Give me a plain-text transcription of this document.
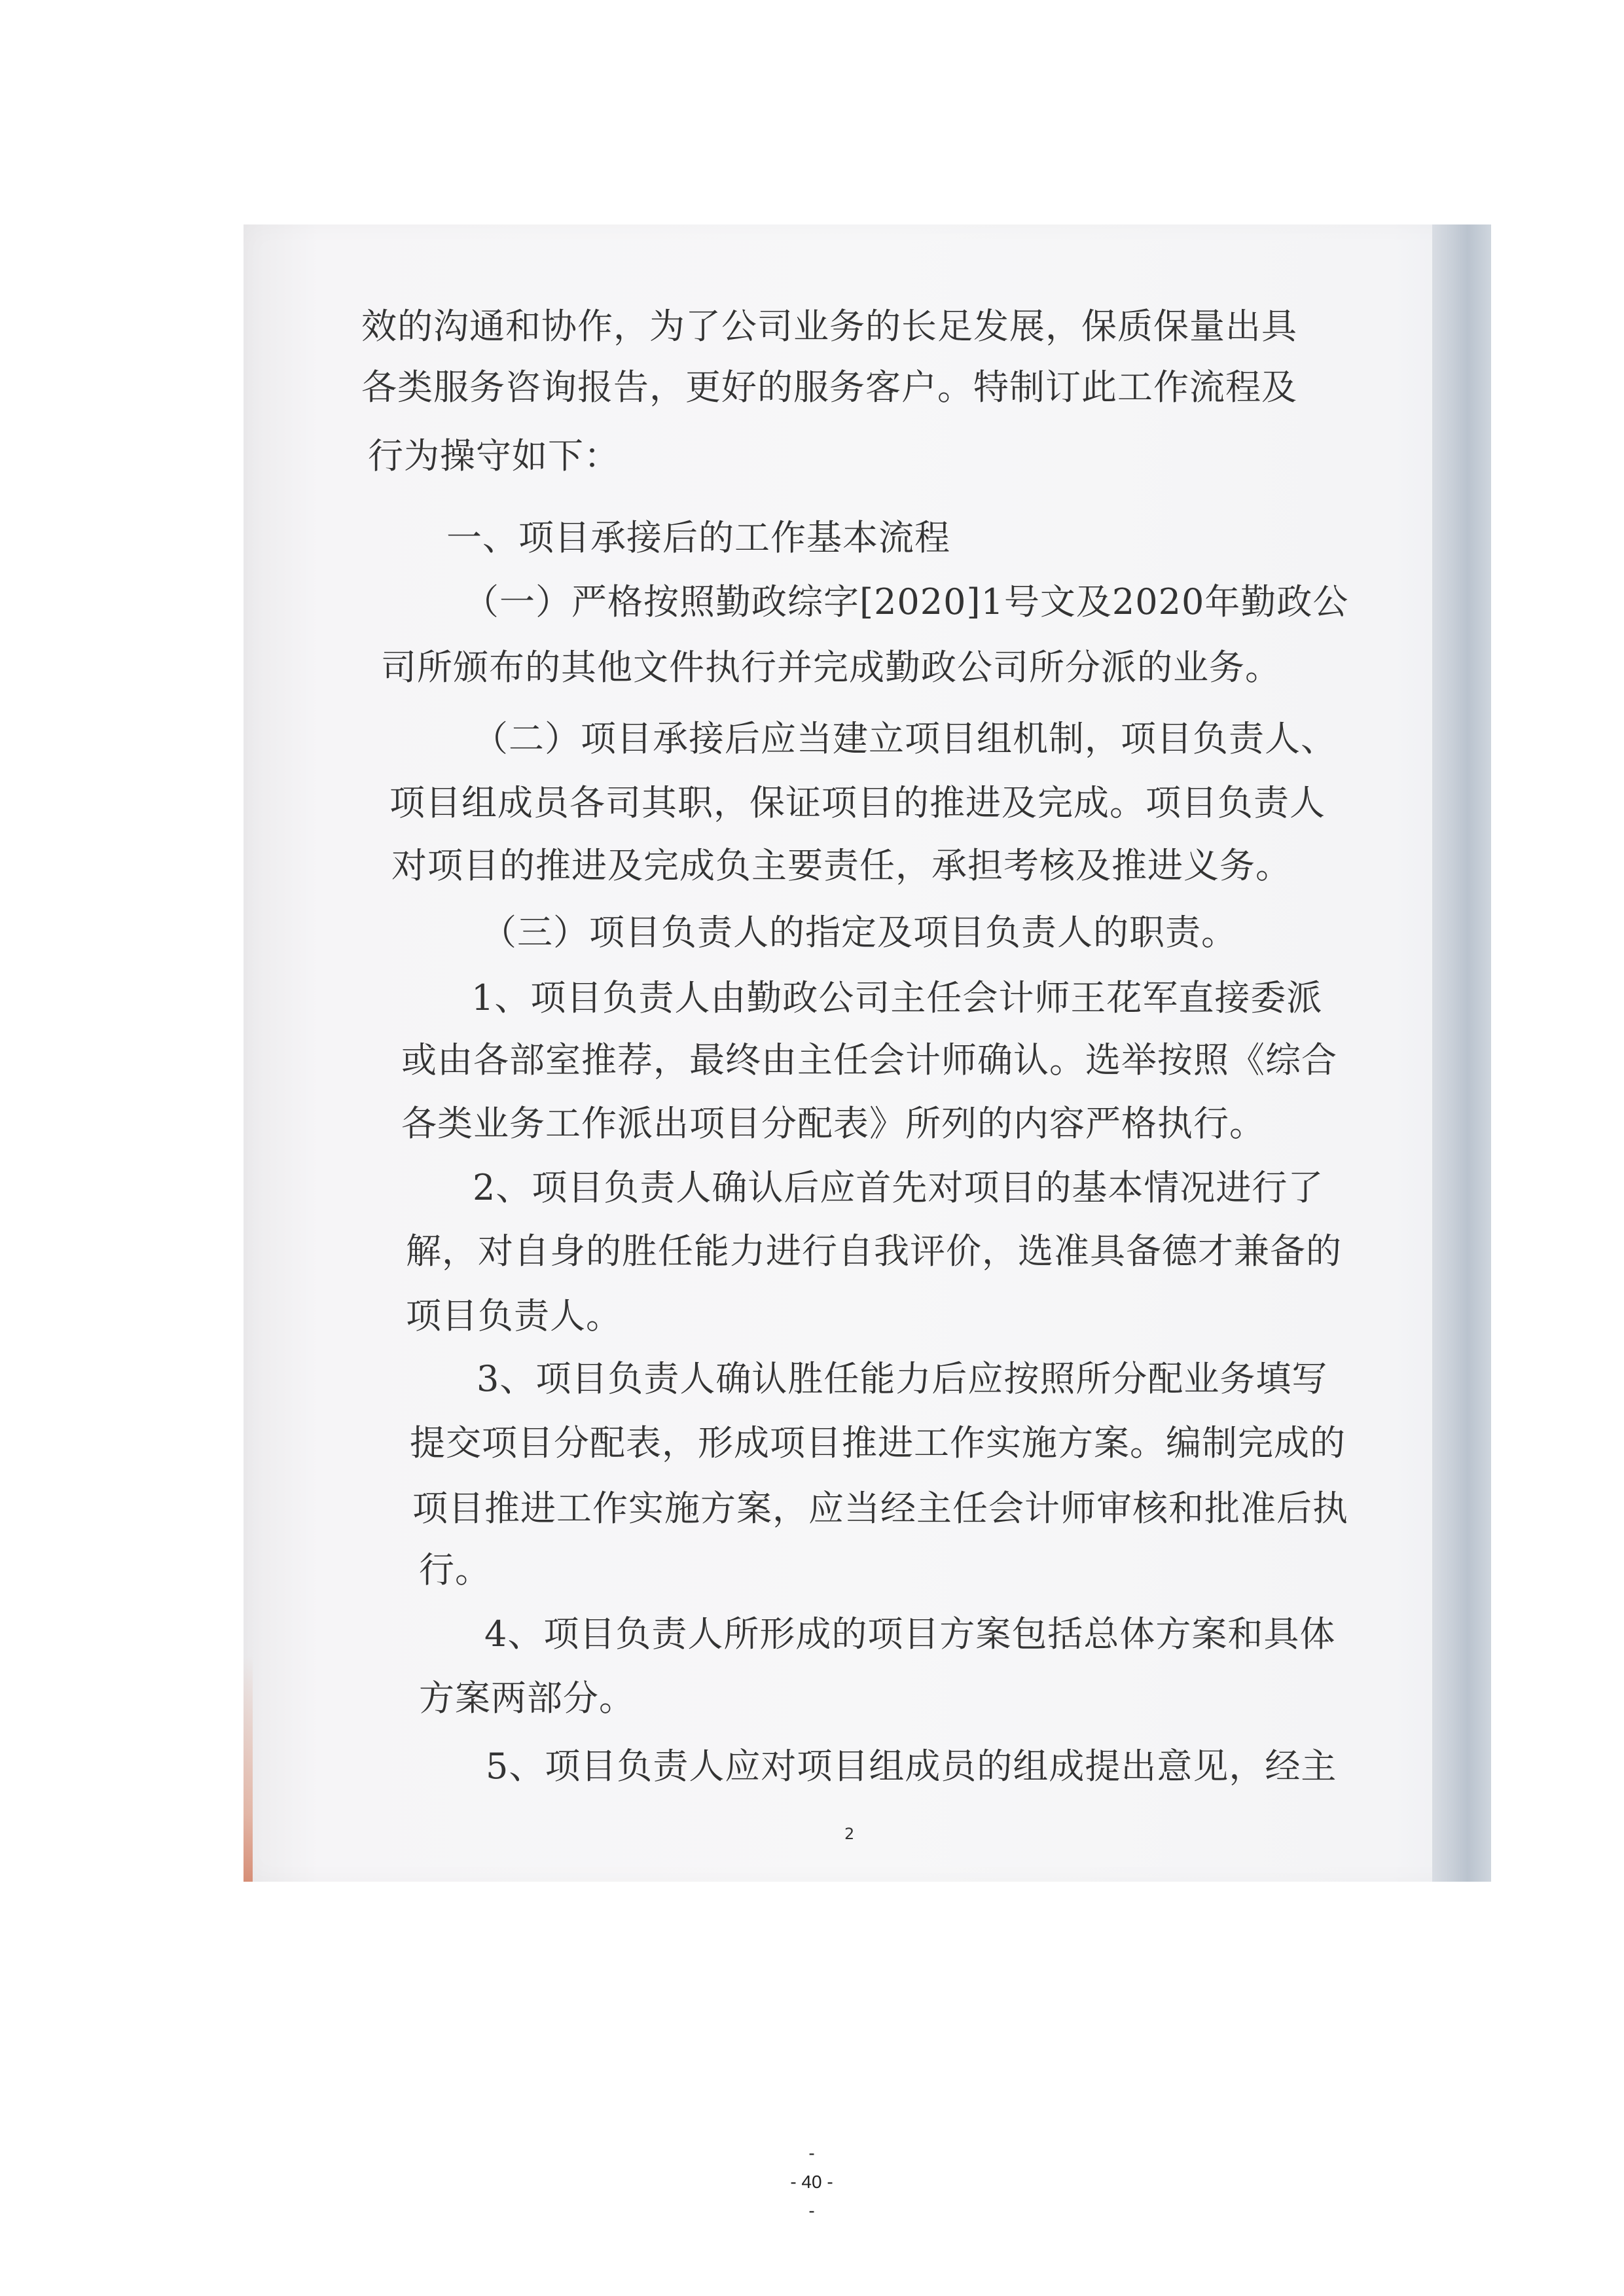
效的沟通和协作，为了公司业务的长足发展，保质保量出具
各类服务咨询报告，更好的服务客户。特制订此工作流程及
行为操守如下：
一、项目承接后的工作基本流程
（一）严格按照勤政综字[2020]1号文及2020年勤政公
司所颁布的其他文件执行并完成勤政公司所分派的业务。
（二）项目承接后应当建立项目组机制，项目负责人、
项目组成员各司其职，保证项目的推进及完成。项目负责人
对项目的推进及完成负主要责任，承担考核及推进义务。
（三）项目负责人的指定及项目负责人的职责。
1、项目负责人由勤政公司主任会计师王花军直接委派
或由各部室推荐，最终由主任会计师确认。选举按照《综合
各类业务工作派出项目分配表》所列的内容严格执行。
2、项目负责人确认后应首先对项目的基本情况进行了
解，对自身的胜任能力进行自我评价，选准具备德才兼备的
项目负责人。
3、项目负责人确认胜任能力后应按照所分配业务填写
提交项目分配表，形成项目推进工作实施方案。编制完成的
项目推进工作实施方案，应当经主任会计师审核和批准后执
行。
4、项目负责人所形成的项目方案包括总体方案和具体
方案两部分。
5、项目负责人应对项目组成员的组成提出意见，经主
2
-
- 40 -
-
